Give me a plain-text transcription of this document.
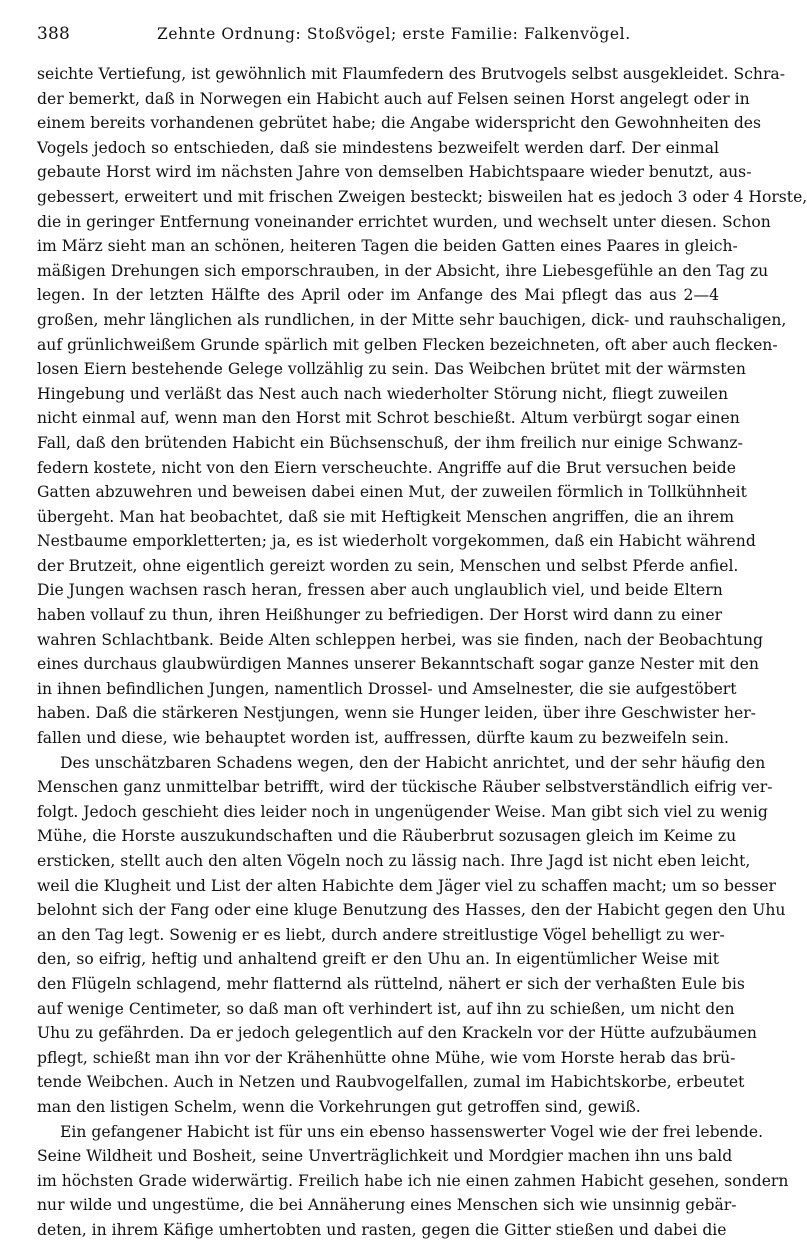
388	Zehnte Ordnung: Stoßvögel; erste Familie: Falkenvögel.
seichte Vertiefung, ist gewöhnlich mit Flaumfedern des Brutvogels selbst ausgekleidet. Schra-
der bemerkt, daß in Norwegen ein Habicht auch auf Felsen seinen Horst angelegt oder in
einem bereits vorhandenen gebrütet habe; die Angabe widerspricht den Gewohnheiten des
Vogels jedoch so entschieden, daß sie mindestens bezweifelt werden darf. Der einmal
gebaute Horst wird im nächsten Jahre von demselben Habichtspaare wieder benutzt, aus-
gebessert, erweitert und mit frischen Zweigen besteckt; bisweilen hat es jedoch 3 oder 4 Horste,
die in geringer Entfernung voneinander errichtet wurden, und wechselt unter diesen. Schon
im März sieht man an schönen, heiteren Tagen die beiden Gatten eines Paares in gleich-
mäßigen Drehungen sich emporschrauben, in der Absicht, ihre Liebesgefühle an den Tag zu
legen. In der letzten Hälfte des April oder im Anfange des Mai pflegt das aus 2—4
großen, mehr länglichen als rundlichen, in der Mitte sehr bauchigen, dick- und rauhschaligen,
auf grünlichweißem Grunde spärlich mit gelben Flecken bezeichneten, oft aber auch flecken-
losen Eiern bestehende Gelege vollzählig zu sein. Das Weibchen brütet mit der wärmsten
Hingebung und verläßt das Nest auch nach wiederholter Störung nicht, fliegt zuweilen
nicht einmal auf, wenn man den Horst mit Schrot beschießt. Altum verbürgt sogar einen
Fall, daß den brütenden Habicht ein Büchsenschuß, der ihm freilich nur einige Schwanz-
federn kostete, nicht von den Eiern verscheuchte. Angriffe auf die Brut versuchen beide
Gatten abzuwehren und beweisen dabei einen Mut, der zuweilen förmlich in Tollkühnheit
übergeht. Man hat beobachtet, daß sie mit Heftigkeit Menschen angriffen, die an ihrem
Nestbaume emporkletterten; ja, es ist wiederholt vorgekommen, daß ein Habicht während
der Brutzeit, ohne eigentlich gereizt worden zu sein, Menschen und selbst Pferde anfiel.
Die Jungen wachsen rasch heran, fressen aber auch unglaublich viel, und beide Eltern
haben vollauf zu thun, ihren Heißhunger zu befriedigen. Der Horst wird dann zu einer
wahren Schlachtbank. Beide Alten schleppen herbei, was sie finden, nach der Beobachtung
eines durchaus glaubwürdigen Mannes unserer Bekanntschaft sogar ganze Nester mit den
in ihnen befindlichen Jungen, namentlich Drossel- und Amselnester, die sie aufgestöbert
haben. Daß die stärkeren Nestjungen, wenn sie Hunger leiden, über ihre Geschwister her-
fallen und diese, wie behauptet worden ist, auffressen, dürfte kaum zu bezweifeln sein.
Des unschätzbaren Schadens wegen, den der Habicht anrichtet, und der sehr häufig den
Menschen ganz unmittelbar betrifft, wird der tückische Räuber selbstverständlich eifrig ver-
folgt. Jedoch geschieht dies leider noch in ungenügender Weise. Man gibt sich viel zu wenig
Mühe, die Horste auszukundschaften und die Räuberbrut sozusagen gleich im Keime zu
ersticken, stellt auch den alten Vögeln noch zu lässig nach. Ihre Jagd ist nicht eben leicht,
weil die Klugheit und List der alten Habichte dem Jäger viel zu schaffen macht; um so besser
belohnt sich der Fang oder eine kluge Benutzung des Hasses, den der Habicht gegen den Uhu
an den Tag legt. Sowenig er es liebt, durch andere streitlustige Vögel behelligt zu wer-
den, so eifrig, heftig und anhaltend greift er den Uhu an. In eigentümlicher Weise mit
den Flügeln schlagend, mehr flatternd als rüttelnd, nähert er sich der verhaßten Eule bis
auf wenige Centimeter, so daß man oft verhindert ist, auf ihn zu schießen, um nicht den
Uhu zu gefährden. Da er jedoch gelegentlich auf den Krackeln vor der Hütte aufzubäumen
pflegt, schießt man ihn vor der Krähenhütte ohne Mühe, wie vom Horste herab das brü-
tende Weibchen. Auch in Netzen und Raubvogelfallen, zumal im Habichtskorbe, erbeutet
man den listigen Schelm, wenn die Vorkehrungen gut getroffen sind, gewiß.
Ein gefangener Habicht ist für uns ein ebenso hassenswerter Vogel wie der frei lebende.
Seine Wildheit und Bosheit, seine Unverträglichkeit und Mordgier machen ihn uns bald
im höchsten Grade widerwärtig. Freilich habe ich nie einen zahmen Habicht gesehen, sondern
nur wilde und ungestüme, die bei Annäherung eines Menschen sich wie unsinnig gebär-
deten, in ihrem Käfige umhertobten und rasten, gegen die Gitter stießen und dabei die
